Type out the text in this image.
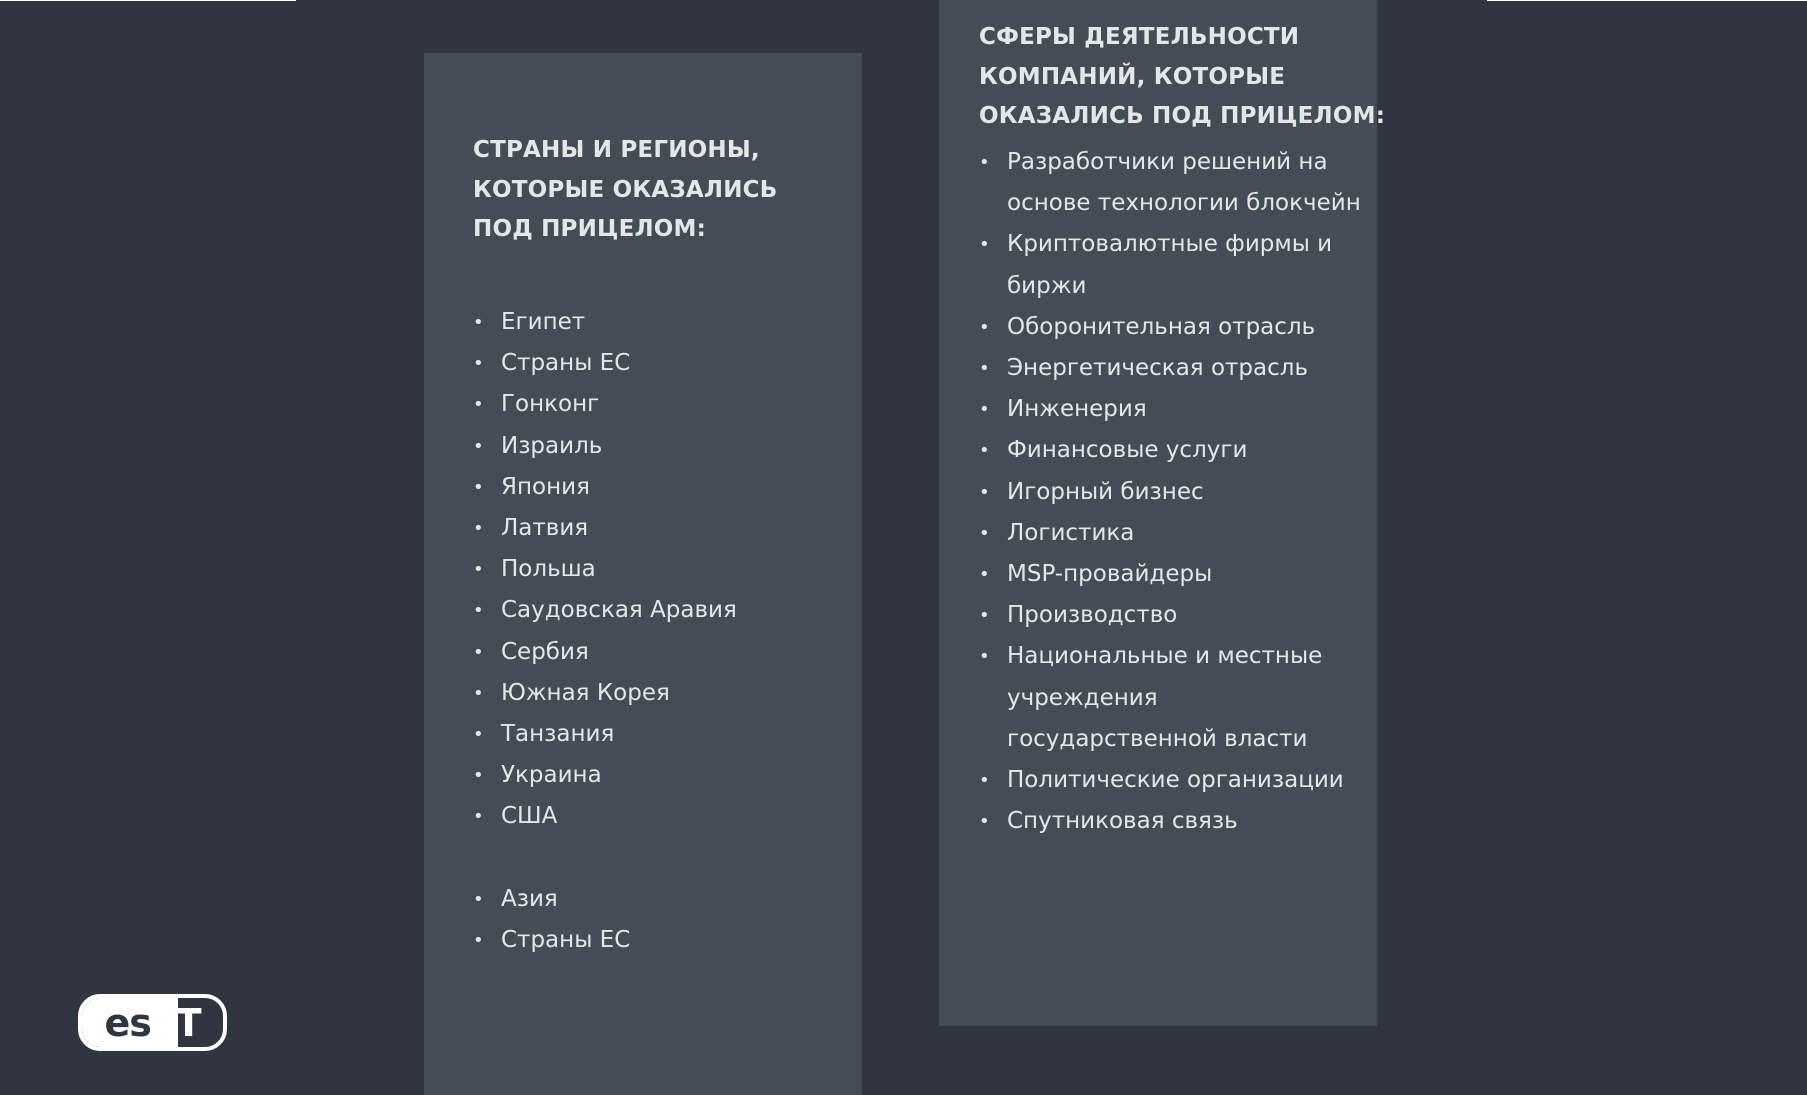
СТРАНЫ И РЕГИОНЫ,
КОТОРЫЕ ОКАЗАЛИСЬ
ПОД ПРИЦЕЛОМ:
• Египет
• Страны ЕС
• Гонконг
• Израиль
• Япония
• Латвия
• Польша
• Саудовская Аравия
• Сербия
• Южная Корея
• Танзания
• Украина
• США
• Азия
• Страны ЕС
СФЕРЫ ДЕЯТЕЛЬНОСТИ
КОМПАНИЙ, КОТОРЫЕ
ОКАЗАЛИСЬ ПОД ПРИЦЕЛОМ:
• Разработчики решений на основе технологии блокчейн
• Криптовалютные фирмы и биржи
• Оборонительная отрасль
• Энергетическая отрасль
• Инженерия
• Финансовые услуги
• Игорный бизнес
• Логистика
• MSP-провайдеры
• Производство
• Национальные и местные учреждения государственной власти
• Политические организации
• Спутниковая связь
es eT
